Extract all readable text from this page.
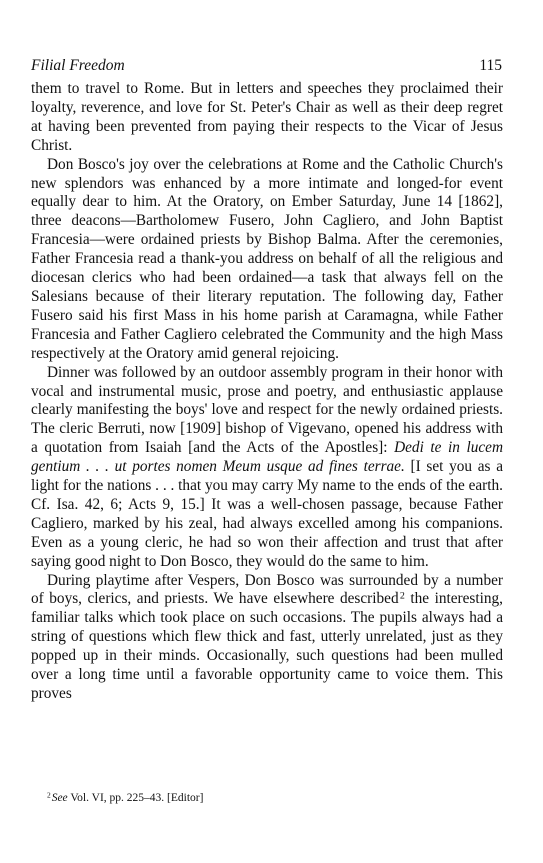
Filial Freedom	115

them to travel to Rome. But in letters and speeches they proclaimed their loyalty, reverence, and love for St. Peter's Chair as well as their deep regret at having been prevented from paying their respects to the Vicar of Jesus Christ.

Don Bosco's joy over the celebrations at Rome and the Catholic Church's new splendors was enhanced by a more intimate and longed-for event equally dear to him. At the Oratory, on Ember Saturday, June 14 [1862], three deacons—Bartholomew Fusero, John Cagliero, and John Baptist Francesia—were ordained priests by Bishop Balma. After the ceremonies, Father Francesia read a thank-you address on behalf of all the religious and diocesan clerics who had been ordained—a task that always fell on the Salesians because of their literary reputation. The following day, Father Fusero said his first Mass in his home parish at Caramagna, while Father Francesia and Father Cagliero celebrated the Community and the high Mass respectively at the Oratory amid general rejoicing.

Dinner was followed by an outdoor assembly program in their honor with vocal and instrumental music, prose and poetry, and enthusiastic applause clearly manifesting the boys' love and respect for the newly ordained priests. The cleric Berruti, now [1909] bishop of Vigevano, opened his address with a quotation from Isaiah [and the Acts of the Apostles]: Dedi te in lucem gentium . . . ut portes nomen Meum usque ad fines terrae. [I set you as a light for the nations . . . that you may carry My name to the ends of the earth. Cf. Isa. 42, 6; Acts 9, 15.] It was a well-chosen passage, because Father Cagliero, marked by his zeal, had always excelled among his companions. Even as a young cleric, he had so won their affection and trust that after saying good night to Don Bosco, they would do the same to him.

During playtime after Vespers, Don Bosco was surrounded by a number of boys, clerics, and priests. We have elsewhere described $^2$ the interesting, familiar talks which took place on such occasions. The pupils always had a string of questions which flew thick and fast, utterly unrelated, just as they popped up in their minds. Occasionally, such questions had been mulled over a long time until a favorable opportunity came to voice them. This proves

$^2$ See Vol. VI, pp. 225–43. [Editor]
